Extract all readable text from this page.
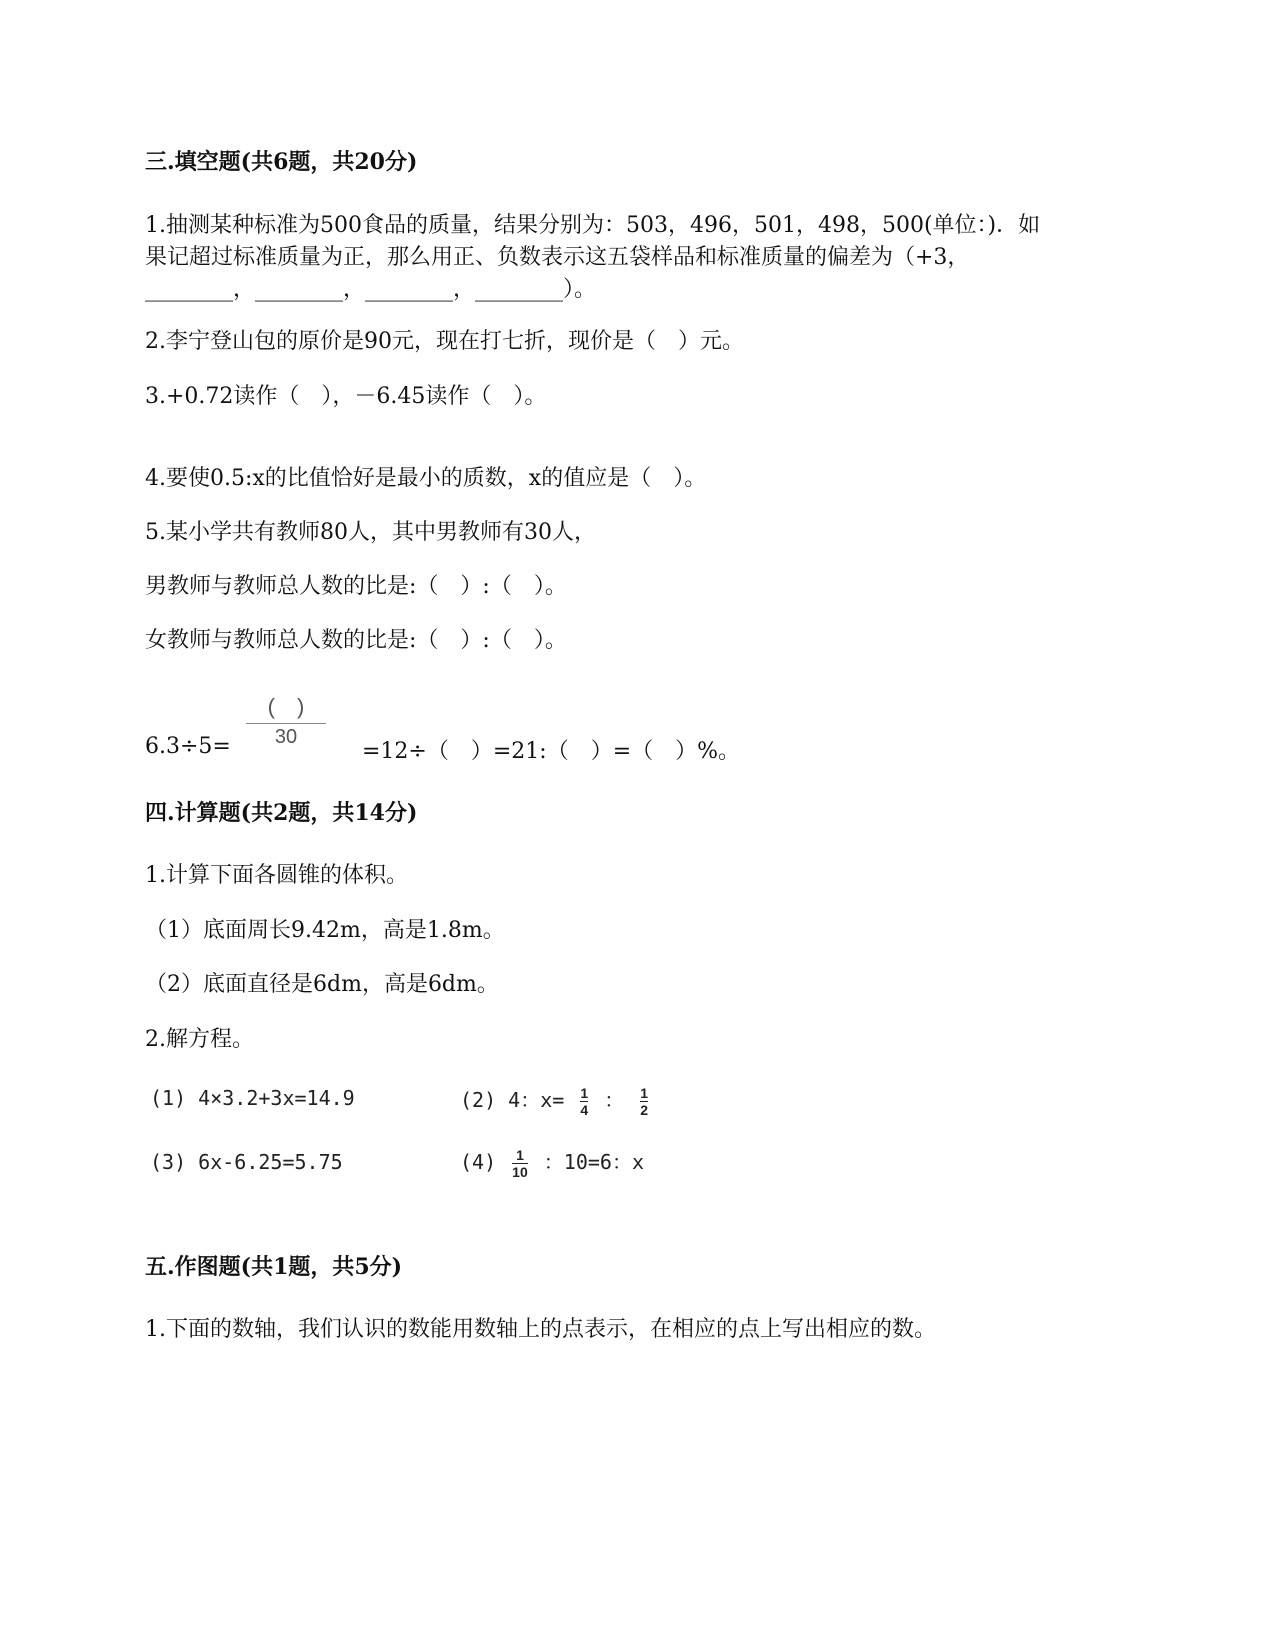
三.填空题(共6题，共20分)
1.抽测某种标准为500食品的质量，结果分别为：503，496，501，498，500(单位：)．如
果记超过标准质量为正，那么用正、负数表示这五袋样品和标准质量的偏差为（+3，
________，________，________，________）。
2.李宁登山包的原价是90元，现在打七折，现价是（　）元。
3.+0.72读作（　），－6.45读作（　）。
4.要使0.5:x的比值恰好是最小的质数，x的值应是（　）。
5.某小学共有教师80人，其中男教师有30人，
男教师与教师总人数的比是:（　）:（　）。
女教师与教师总人数的比是:（　）:（　）。
6.3÷5=
(　)
30
=12÷（　）=21:（　）=（　）%。
四.计算题(共2题，共14分)
1.计算下面各圆锥的体积。
（1）底面周长9.42m，高是1.8m。
（2）底面直径是6dm，高是6dm。
2.解方程。
(1) 4×3.2+3x=14.9	(2) 4：$x= \frac{1}{4}$ ： $\frac{1}{2}$
(3) 6x-6.25=5.75	$(4) \frac{1}{10}$ ：10=6：x
五.作图题(共1题，共5分)
1.下面的数轴，我们认识的数能用数轴上的点表示，在相应的点上写出相应的数。
